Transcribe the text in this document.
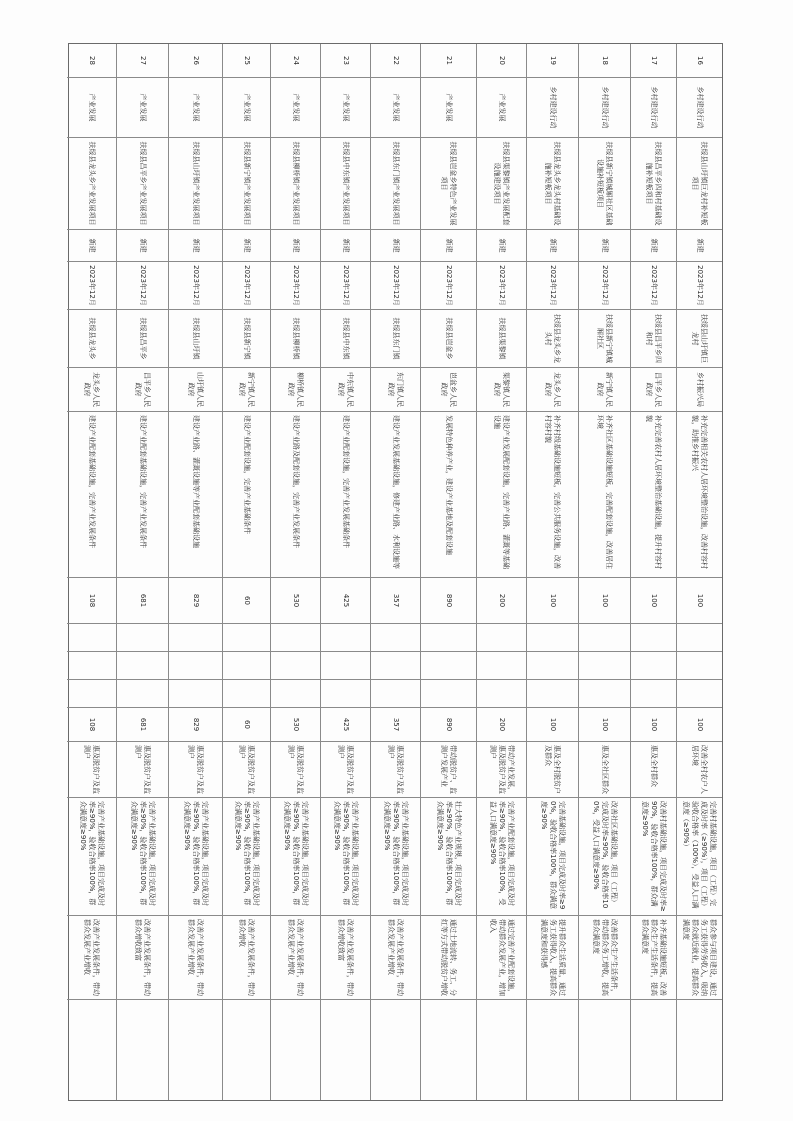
16
乡村建设行动
扶绥县山圩镇巨龙村补短板项目
新建
2023年12月
扶绥县山圩镇巨龙村
乡村振兴局
补充完善相关农村人居环境整治设施，改善村容村貌，助推乡村振兴
100
100
改善全村农户人居环境
完善村基础设施，项目（工程）完成及时率（≥90%），项目（工程）验收合格率（100%），受益人口满意度（≥90%）
群众参与项目建设，通过务工获得劳务收入，吸纳群众就近就业，提高群众满意度
17
乡村建设行动
扶绥县昌平乡四和村基础设施补短板项目
新建
2023年12月
扶绥县昌平乡四和村
昌平乡人民政府
补充完善农村人居环境整治基础设施，提升村容村貌
100
100
惠及全村群众
改善村基础设施，项目完成及时率≥90%，验收合格率100%，群众满意度≥90%
补齐基础设施短板，改善群众生产生活条件，提高群众满意度
18
乡村建设行动
扶绥县新宁镇城厢社区基础设施补短板项目
新建
2023年12月
扶绥县新宁镇城厢社区
新宁镇人民政府
补齐社区基础设施短板，完善配套设施，改善居住环境
100
100
惠及全社区群众
改善社区基础设施，项目（工程）完成及时率≥90%，验收合格率100%，受益人口满意度≥90%
改善群众生产生活条件，带动群众务工增收，提高群众满意度
19
乡村建设行动
扶绥县龙头乡龙头村基础设施补短板项目
新建
2023年12月
扶绥县龙头乡龙头村
龙头乡人民政府
补齐村级基础设施短板，完善公共服务设施，改善村容村貌
100
100
惠及全村脱贫户及群众
完善基础设施，项目完成及时率≥90%，验收合格率100%，群众满意度≥90%
提升群众生活质量，通过务工获得收入，提高群众满意度和获得感
20
产业发展
扶绥县渠黎镇产业发展配套设施建设项目
新建
2023年12月
扶绥县渠黎镇
渠黎镇人民政府
建设产业发展配套设施，完善产业路、灌溉等基础设施
200
200
带动产业发展，惠及脱贫户及监测户
完善产业配套设施，项目完成及时率≥90%，验收合格率100%，受益人口满意度≥90%
通过完善产业配套设施，带动群众发展产业，增加收入
21
产业发展
扶绥县岜盆乡特色产业发展项目
新建
2023年12月
扶绥县岜盆乡
岜盆乡人民政府
发展特色种养产业，建设产业基地及配套设施
890
890
带动脱贫户、监测户发展产业
壮大特色产业规模，项目完成及时率≥90%，验收合格率100%，群众满意度≥90%
通过土地流转、务工、分红等方式带动脱贫户增收
22
产业发展
扶绥县东门镇产业发展项目
新建
2023年12月
扶绥县东门镇
东门镇人民政府
建设产业发展基础设施，修建产业路、水利设施等
357
357
惠及脱贫户及监测户
完善产业基础设施，项目完成及时率≥90%，验收合格率100%，群众满意度≥90%
改善产业发展条件，带动群众发展产业增收
23
产业发展
扶绥县中东镇产业发展项目
新建
2023年12月
扶绥县中东镇
中东镇人民政府
建设产业配套设施，完善产业发展基础条件
425
425
惠及脱贫户及监测户
完善产业基础设施，项目完成及时率≥90%，验收合格率100%，群众满意度≥90%
改善产业发展条件，带动群众增收致富
24
产业发展
扶绥县柳桥镇产业发展项目
新建
2023年12月
扶绥县柳桥镇
柳桥镇人民政府
建设产业路及配套设施，完善产业发展条件
530
530
惠及脱贫户及监测户
完善产业基础设施，项目完成及时率≥90%，验收合格率100%，群众满意度≥90%
改善产业发展条件，带动群众发展产业增收
25
产业发展
扶绥县新宁镇产业发展项目
新建
2023年12月
扶绥县新宁镇
新宁镇人民政府
建设产业配套设施，完善产业基础条件
60
60
惠及脱贫户及监测户
完善产业基础设施，项目完成及时率≥90%，验收合格率100%，群众满意度≥90%
改善产业发展条件，带动群众增收
26
产业发展
扶绥县山圩镇产业发展项目
新建
2023年12月
扶绥县山圩镇
山圩镇人民政府
建设产业路、灌溉设施等产业配套基础设施
829
829
惠及脱贫户及监测户
完善产业基础设施，项目完成及时率≥90%，验收合格率100%，群众满意度≥90%
改善产业发展条件，带动群众发展产业增收
27
产业发展
扶绥县昌平乡产业发展项目
新建
2023年12月
扶绥县昌平乡
昌平乡人民政府
建设产业配套基础设施，完善产业发展条件
681
681
惠及脱贫户及监测户
完善产业基础设施，项目完成及时率≥90%，验收合格率100%，群众满意度≥90%
改善产业发展条件，带动群众增收致富
28
产业发展
扶绥县龙头乡产业发展项目
新建
2023年12月
扶绥县龙头乡
龙头乡人民政府
建设产业配套基础设施，完善产业发展条件
108
108
惠及脱贫户及监测户
完善产业基础设施，项目完成及时率≥90%，验收合格率100%，群众满意度≥90%
改善产业发展条件，带动群众发展产业增收
